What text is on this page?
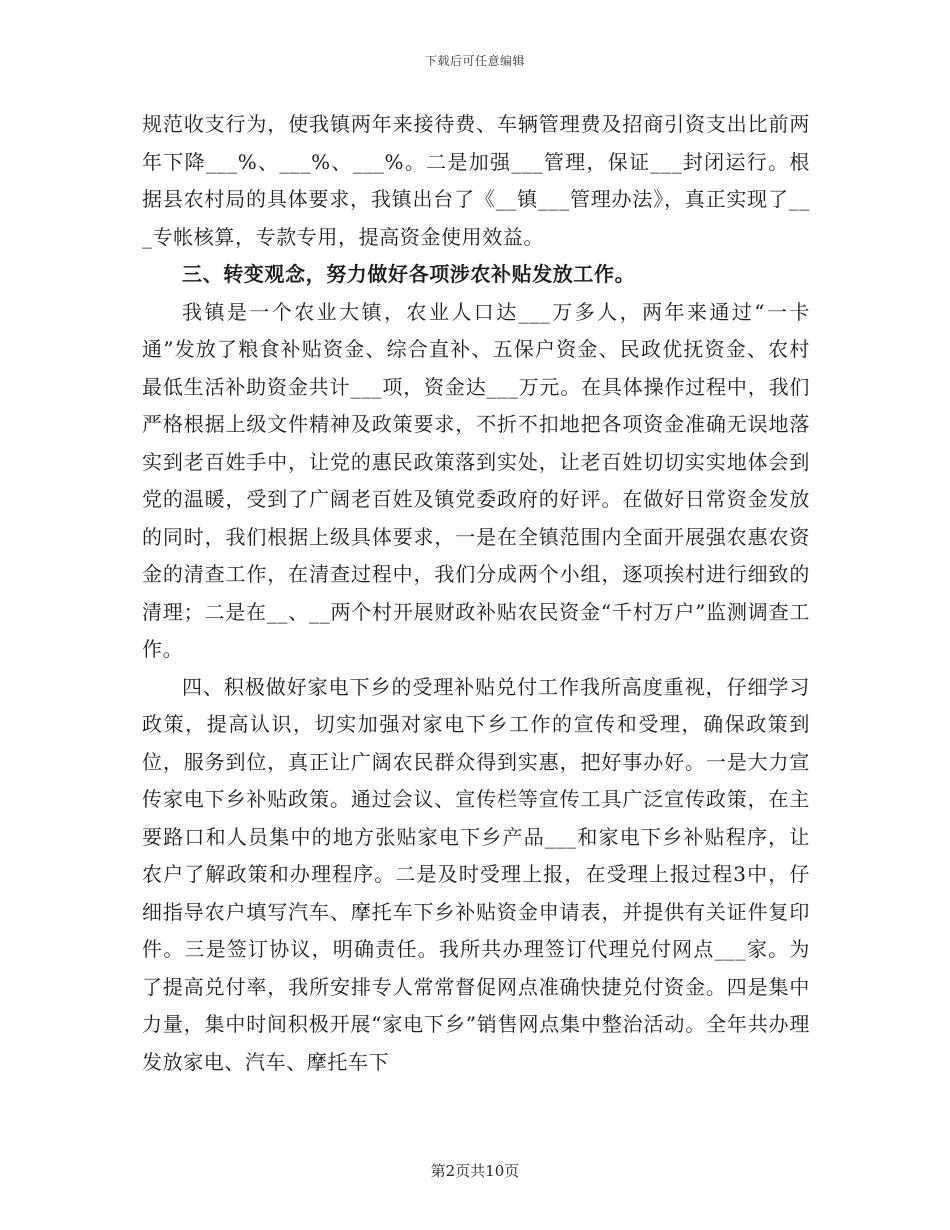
下载后可任意编辑

规范收支行为，使我镇两年来接待费、车辆管理费及招商引资支出比前两年下降___%、___%、___%。二是加强___管理，保证___封闭运行。根据县农村局的具体要求，我镇出台了《__镇___管理办法》，真正实现了___专帐核算，专款专用，提高资金使用效益。

三、转变观念，努力做好各项涉农补贴发放工作。

我镇是一个农业大镇，农业人口达___万多人，两年来通过“一卡通”发放了粮食补贴资金、综合直补、五保户资金、民政优抚资金、农村最低生活补助资金共计___项，资金达___万元。在具体操作过程中，我们严格根据上级文件精神及政策要求，不折不扣地把各项资金准确无误地落实到老百姓手中，让党的惠民政策落到实处，让老百姓切切实实地体会到党的温暖，受到了广阔老百姓及镇党委政府的好评。在做好日常资金发放的同时，我们根据上级具体要求，一是在全镇范围内全面开展强农惠农资金的清查工作，在清查过程中，我们分成两个小组，逐项挨村进行细致的清理；二是在__、__两个村开展财政补贴农民资金“千村万户”监测调查工作。

四、积极做好家电下乡的受理补贴兑付工作我所高度重视，仔细学习政策，提高认识，切实加强对家电下乡工作的宣传和受理，确保政策到位，服务到位，真正让广阔农民群众得到实惠，把好事办好。一是大力宣传家电下乡补贴政策。通过会议、宣传栏等宣传工具广泛宣传政策，在主要路口和人员集中的地方张贴家电下乡产品___和家电下乡补贴程序，让农户了解政策和办理程序。二是及时受理上报，在受理上报过程3中，仔细指导农户填写汽车、摩托车下乡补贴资金申请表，并提供有关证件复印件。三是签订协议，明确责任。我所共办理签订代理兑付网点___家。为了提高兑付率，我所安排专人常常督促网点准确快捷兑付资金。四是集中力量，集中时间积极开展“家电下乡”销售网点集中整治活动。全年共办理发放家电、汽车、摩托车下

第2页共10页
